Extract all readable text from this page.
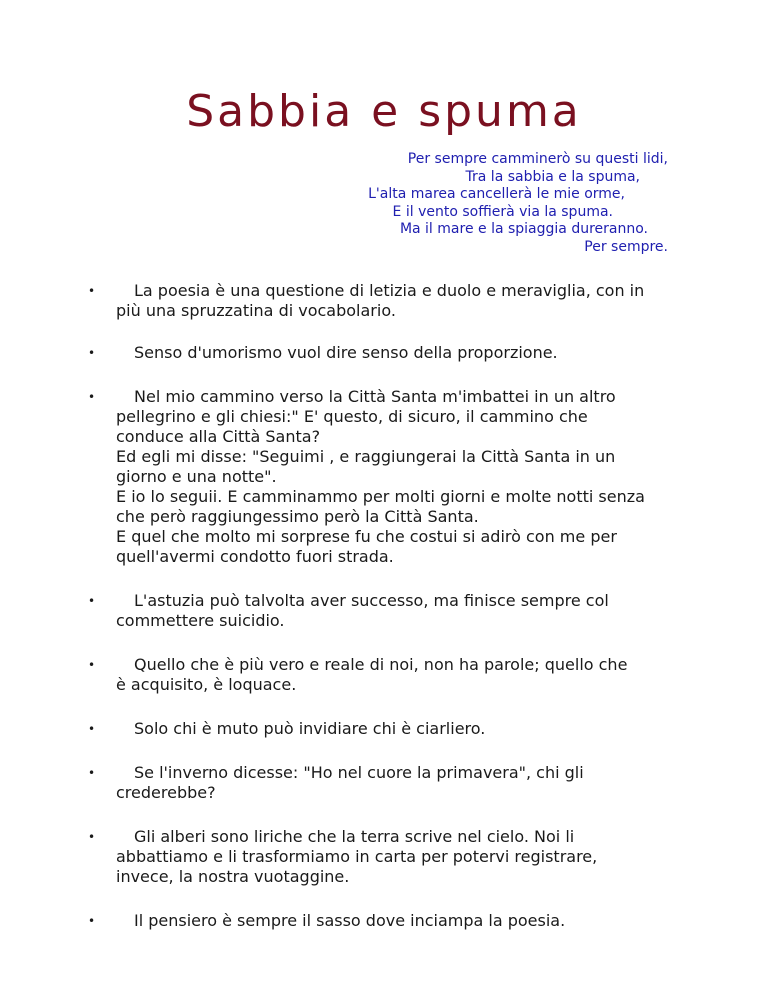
Sabbia e spuma
Per sempre camminerò su questi lidi,
Tra la sabbia e la spuma,
L'alta marea cancellerà le mie orme,
E il vento soffierà via la spuma.
Ma il mare e la spiaggia dureranno.
Per sempre.
•	La poesia è una questione di letizia e duolo e meraviglia, con in
più una spruzzatina di vocabolario.
•	Senso d'umorismo vuol dire senso della proporzione.
•	Nel mio cammino verso la Città Santa m'imbattei in un altro
pellegrino e gli chiesi:" E' questo, di sicuro, il cammino che
conduce alla Città Santa?
Ed egli mi disse: "Seguimi , e raggiungerai la Città Santa in un
giorno e una notte".
E io lo seguii. E camminammo per molti giorni e molte notti senza
che però raggiungessimo però la Città Santa.
E quel che molto mi sorprese fu che costui si adirò con me per
quell'avermi condotto fuori strada.
•	L'astuzia può talvolta aver successo, ma finisce sempre col
commettere suicidio.
•	Quello che è più vero e reale di noi, non ha parole; quello che
è acquisito, è loquace.
•	Solo chi è muto può invidiare chi è ciarliero.
•	Se l'inverno dicesse: "Ho nel cuore la primavera", chi gli
crederebbe?
•	Gli alberi sono liriche che la terra scrive nel cielo. Noi li
abbattiamo e li trasformiamo in carta per potervi registrare,
invece, la nostra vuotaggine.
•	Il pensiero è sempre il sasso dove inciampa la poesia.
